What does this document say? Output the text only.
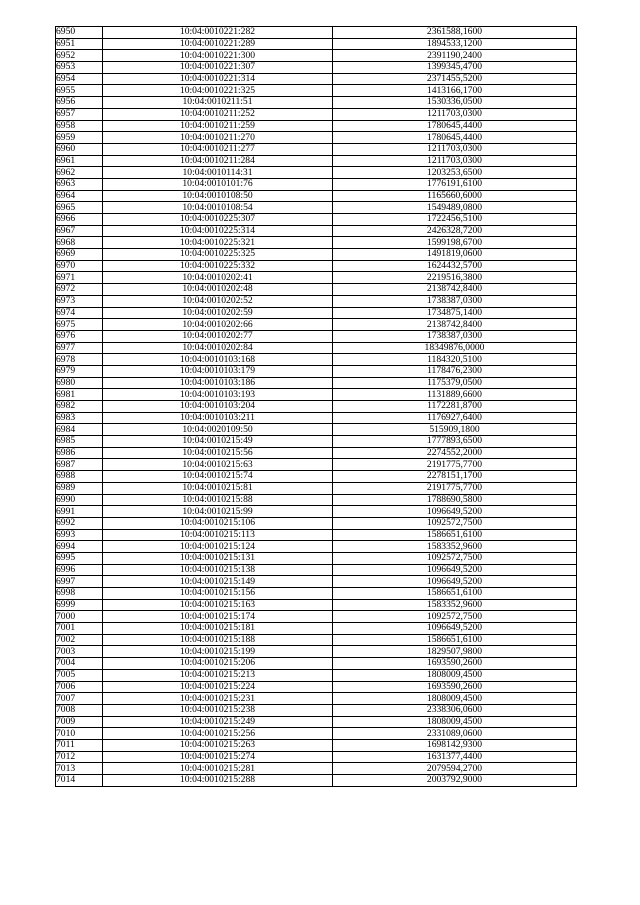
6950	10:04:0010221:282	2361588,1600
6951	10:04:0010221:289	1894533,1200
6952	10:04:0010221:300	2391190,2400
6953	10:04:0010221:307	1399345,4700
6954	10:04:0010221:314	2371455,5200
6955	10:04:0010221:325	1413166,1700
6956	10:04:0010211:51	1530336,0500
6957	10:04:0010211:252	1211703,0300
6958	10:04:0010211:259	1780645,4400
6959	10:04:0010211:270	1780645,4400
6960	10:04:0010211:277	1211703,0300
6961	10:04:0010211:284	1211703,0300
6962	10:04:0010114:31	1203253,6500
6963	10:04:0010101:76	1776191,6100
6964	10:04:0010108:50	1165660,6000
6965	10:04:0010108:54	1549489,0800
6966	10:04:0010225:307	1722456,5100
6967	10:04:0010225:314	2426328,7200
6968	10:04:0010225:321	1599198,6700
6969	10:04:0010225:325	1491819,0600
6970	10:04:0010225:332	1624432,5700
6971	10:04:0010202:41	2219516,3800
6972	10:04:0010202:48	2138742,8400
6973	10:04:0010202:52	1738387,0300
6974	10:04:0010202:59	1734875,1400
6975	10:04:0010202:66	2138742,8400
6976	10:04:0010202:77	1738387,0300
6977	10:04:0010202:84	18349876,0000
6978	10:04:0010103:168	1184320,5100
6979	10:04:0010103:179	1178476,2300
6980	10:04:0010103:186	1175379,0500
6981	10:04:0010103:193	1131889,6600
6982	10:04:0010103:204	1172281,8700
6983	10:04:0010103:211	1176927,6400
6984	10:04:0020109:50	515909,1800
6985	10:04:0010215:49	1777893,6500
6986	10:04:0010215:56	2274552,2000
6987	10:04:0010215:63	2191775,7700
6988	10:04:0010215:74	2278151,1700
6989	10:04:0010215:81	2191775,7700
6990	10:04:0010215:88	1788690,5800
6991	10:04:0010215:99	1096649,5200
6992	10:04:0010215:106	1092572,7500
6993	10:04:0010215:113	1586651,6100
6994	10:04:0010215:124	1583352,9600
6995	10:04:0010215:131	1092572,7500
6996	10:04:0010215:138	1096649,5200
6997	10:04:0010215:149	1096649,5200
6998	10:04:0010215:156	1586651,6100
6999	10:04:0010215:163	1583352,9600
7000	10:04:0010215:174	1092572,7500
7001	10:04:0010215:181	1096649,5200
7002	10:04:0010215:188	1586651,6100
7003	10:04:0010215:199	1829507,9800
7004	10:04:0010215:206	1693590,2600
7005	10:04:0010215:213	1808009,4500
7006	10:04:0010215:224	1693590,2600
7007	10:04:0010215:231	1808009,4500
7008	10:04:0010215:238	2338306,0600
7009	10:04:0010215:249	1808009,4500
7010	10:04:0010215:256	2331089,0600
7011	10:04:0010215:263	1698142,9300
7012	10:04:0010215:274	1631377,4400
7013	10:04:0010215:281	2079594,2700
7014	10:04:0010215:288	2003792,9000
